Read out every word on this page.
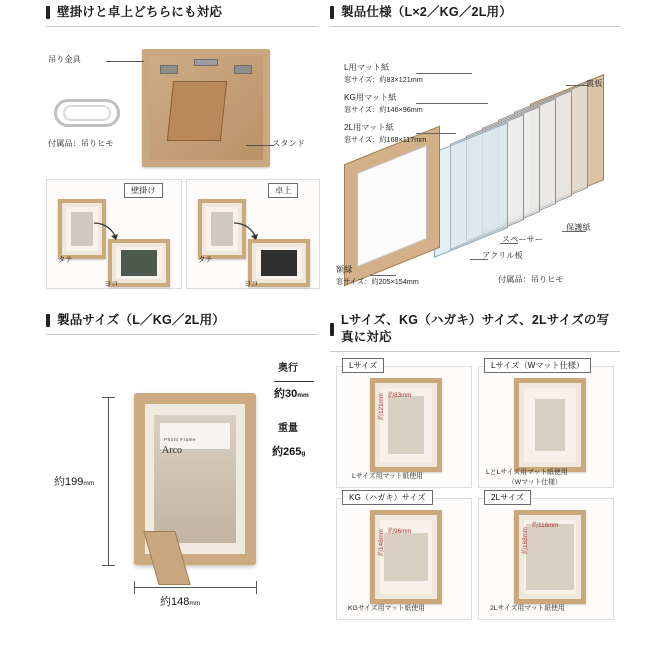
壁掛けと卓上どちらにも対応
吊り金具
スタンド
付属品：吊りヒモ
壁掛け	卓上
タテ
ヨコ
タテ
ヨコ
製品仕様（L×2／KG／2L用）
L用マット紙
窓サイズ：約83×121mm
KG用マット紙
窓サイズ：約146×96mm
2L用マット紙
窓サイズ：約168×117mm
裏板
保護紙
スペーサー
アクリル板
額縁
窓サイズ：約205×154mm	付属品：吊りヒモ
製品サイズ（L／KG／2L用）
Photo Frame
Arco
奥行
約30mm
重量
約265g
約199mm
約148mm
Lサイズ、KG（ハガキ）サイズ、2Lサイズの写真に対応
Lサイズ
約83mm
約121mm
Lサイズ用マット紙使用
Lサイズ（Wマット仕様）
LとLサイズ用マット紙使用
（Wマット仕様）
KG（ハガキ）サイズ
約96mm
約146mm
KGサイズ用マット紙使用
2Lサイズ
約116mm
約168mm
2Lサイズ用マット紙使用
